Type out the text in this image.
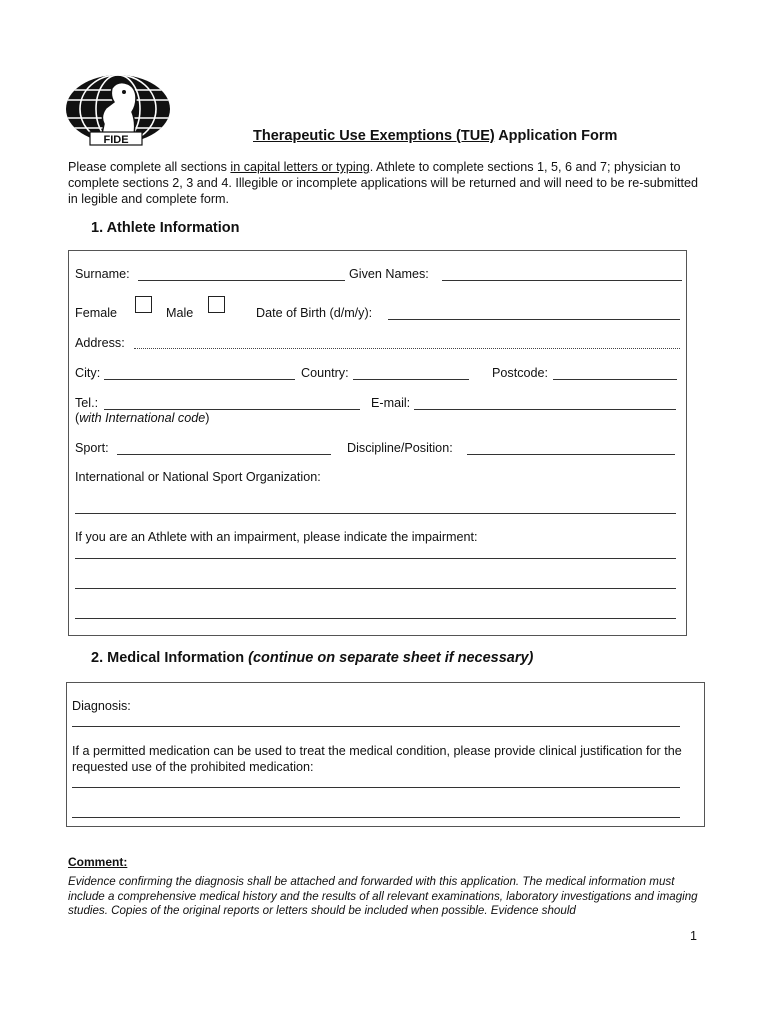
FIDE	Therapeutic Use Exemptions (TUE) Application Form
Please complete all sections in capital letters or typing. Athlete to complete sections 1, 5, 6 and 7; physician to complete sections 2, 3 and 4. Illegible or incomplete applications will be returned and will need to be re-submitted in legible and complete form.
1. Athlete Information
Surname:	Given Names:
Female	Male	Date of Birth (d/m/y):
Address:
City:	Country:	Postcode:
Tel.:	E-mail:
(with International code)
Sport:	Discipline/Position:
International or National Sport Organization:
If you are an Athlete with an impairment, please indicate the impairment:
2. Medical Information (continue on separate sheet if necessary)
Diagnosis:
If a permitted medication can be used to treat the medical condition, please provide clinical justification for the requested use of the prohibited medication:
Comment:
Evidence confirming the diagnosis shall be attached and forwarded with this application. The medical information must include a comprehensive medical history and the results of all relevant examinations, laboratory investigations and imaging studies. Copies of the original reports or letters should be included when possible. Evidence should
1
